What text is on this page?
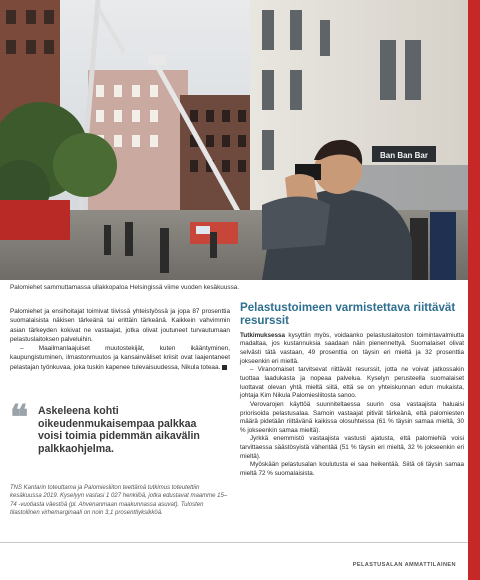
Ban Ban Bar
Palomiehet sammuttamassa ullakkopaloa Helsingissä viime vuoden kesäkuussa.

Palomiehet ja ensihoitajat toimivat tiivissä yhteistyössä ja jopa 87 prosenttia suomalaisista näkisen tärkeänä tai erittäin tärkeänä. Kaikkein vahvimmin asian tärkeyden kokivat ne vastaajat, jotka olivat joutuneet turvautumaan pelastuslaitoksen palveluihin.

– Maailmanlaajuiset muutostekijät, kuten ikääntyminen, kaupungistuminen, ilmastonmuutos ja kansainväliset kriisit ovat laajentaneet pelastajan työnkuvaa, joka tuskin kapenee tulevaisuudessa, Nikula toteaa.

❝ Askeleena kohti oikeudenmukaisempaa palkkaa voisi toimia pidemmän aikavälin palkkaohjelma.
TNS Kantarin toteuttama ja Palomiesliiton teettämä tutkimus toteutettiin kesäkuussa 2019. Kyselyyn vastasi 1 027 henkilöä, jotka edustavat maamme 15–74 -vuotiasta väestöä (pl. Ahvenanmaan maakunnassa asuvat). Tulosten tilastollinen virhemarginaali on noin 3,1 prosenttiyksikköä.
Pelastustoimeen varmistettava riittävät resurssit

Tutkimuksessa kysyttiin myös, voidaanko pelastuslaitoston toimintavalmiutta madaltaa, jos kustannuksia saadaan näin pienennettyä. Suomalaiset olivat selvästi tätä vastaan, 49 prosenttia on täysin eri mieltä ja 32 prosenttia jokseenkin eri mieltä.

– Viranomaiset tarvitsevat riittävät resurssit, jotta ne voivat jatkossakin tuottaa laadukasta ja nopeaa palvelua. Kyselyn perusteella suomalaiset luottavat olevan yhtä mieltä siitä, että se on yhteiskunnan edun mukaista, johtaja Kim Nikula Palomiesliitosta sanoo.

Verovarojen käyttöä suunniteltaessa suurin osa vastaajista haluaisi priorisoida pelastusalaa. Samoin vastaajat pitivät tärkeänä, että palomiesten määrä pidetään riittävänä kaikissa olosuhteissa (61 % täysin samaa mieltä, 30 % jokseenkin samaa mieltä).

Jyrkkä enemmistö vastaajista vastusti ajatusta, että palomiehiä voisi tarvittaessa säästösyistä vähentää (51 % täysin eri mieltä, 32 % jokseenkin eri mieltä).

Myöskään pelastusalan koulutusta ei saa heikentää. Siitä oli täysin samaa mieltä 72 % suomalaisista.

PELASTUSALAN AMMATTILAINEN
